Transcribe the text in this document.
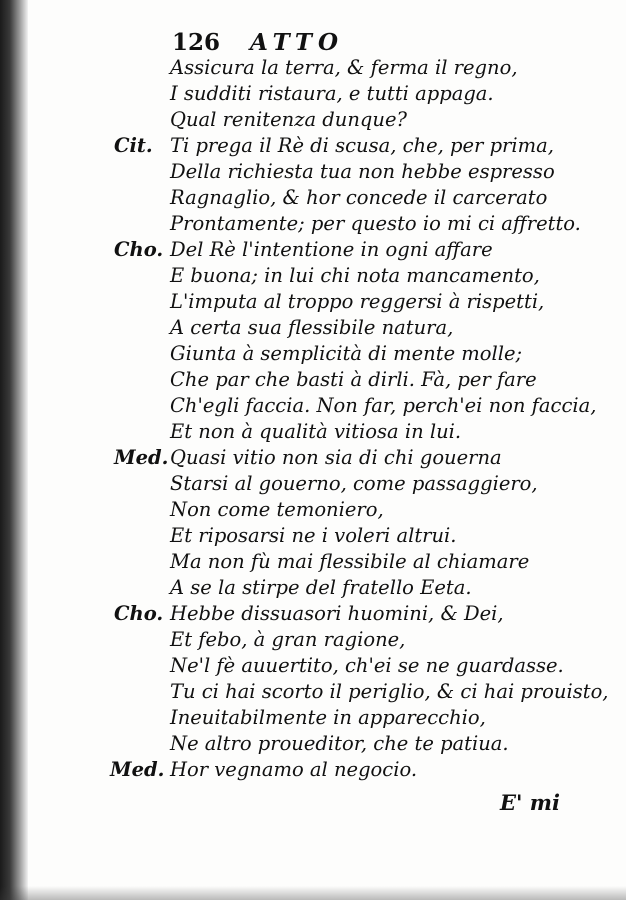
126 ATTO
Assicura la terra, & ferma il regno,
I sudditi ristaura, e tutti appaga.
Qual renitenza dunque?
Cit. Ti prega il Rè di scusa, che, per prima,
Della richiesta tua non hebbe espresso
Ragnaglio, & hor concede il carcerato
Prontamente; per questo io mi ci affretto.
Cho. Del Rè l'intentione in ogni affare
E buona; in lui chi nota mancamento,
L'imputa al troppo reggersi à rispetti,
A certa sua flessibile natura,
Giunta à semplicità di mente molle;
Che par che basti à dirli. Fà, per fare
Ch'egli faccia. Non far, perch'ei non faccia,
Et non à qualità vitiosa in lui.
Med. Quasi vitio non sia di chi gouerna
Starsi al gouerno, come passaggiero,
Non come temoniero,
Et riposarsi ne i voleri altrui.
Ma non fù mai flessibile al chiamare
A se la stirpe del fratello Eeta.
Cho. Hebbe dissuasori huomini, & Dei,
Et febo, à gran ragione,
Ne'l fè auuertito, ch'ei se ne guardasse.
Tu ci hai scorto il periglio, & ci hai prouisto,
Ineuitabilmente in apparecchio,
Ne altro proueditor, che te patiua.
Med. Hor vegnamo al negocio.
E' mi
